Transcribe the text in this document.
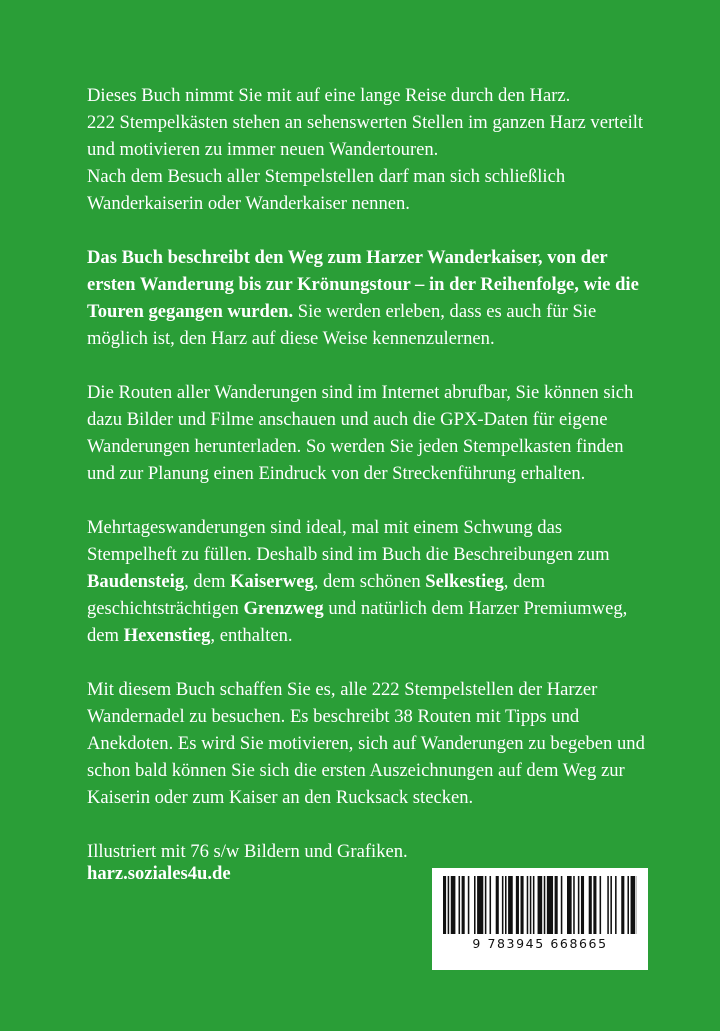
Dieses Buch nimmt Sie mit auf eine lange Reise durch den Harz.
222 Stempelkästen stehen an sehenswerten Stellen im ganzen Harz verteilt und motivieren zu immer neuen Wandertouren.
Nach dem Besuch aller Stempelstellen darf man sich schließlich Wanderkaiserin oder Wanderkaiser nennen.

Das Buch beschreibt den Weg zum Harzer Wanderkaiser, von der ersten Wanderung bis zur Krönungstour – in der Reihenfolge, wie die Touren gegangen wurden. Sie werden erleben, dass es auch für Sie möglich ist, den Harz auf diese Weise kennenzulernen.

Die Routen aller Wanderungen sind im Internet abrufbar, Sie können sich dazu Bilder und Filme anschauen und auch die GPX-Daten für eigene Wanderungen herunterladen. So werden Sie jeden Stempelkasten finden und zur Planung einen Eindruck von der Streckenführung erhalten.

Mehrtageswanderungen sind ideal, mal mit einem Schwung das Stempelheft zu füllen. Deshalb sind im Buch die Beschreibungen zum Baudensteig, dem Kaiserweg, dem schönen Selkestieg, dem geschichtsträchtigen Grenzweg und natürlich dem Harzer Premiumweg, dem Hexenstieg, enthalten.

Mit diesem Buch schaffen Sie es, alle 222 Stempelstellen der Harzer Wandernadel zu besuchen. Es beschreibt 38 Routen mit Tipps und Anekdoten. Es wird Sie motivieren, sich auf Wanderungen zu begeben und schon bald können Sie sich die ersten Auszeichnungen auf dem Weg zur Kaiserin oder zum Kaiser an den Rucksack stecken.

Illustriert mit 76 s/w Bildern und Grafiken.

harz.soziales4u.de
9 783945 668665
